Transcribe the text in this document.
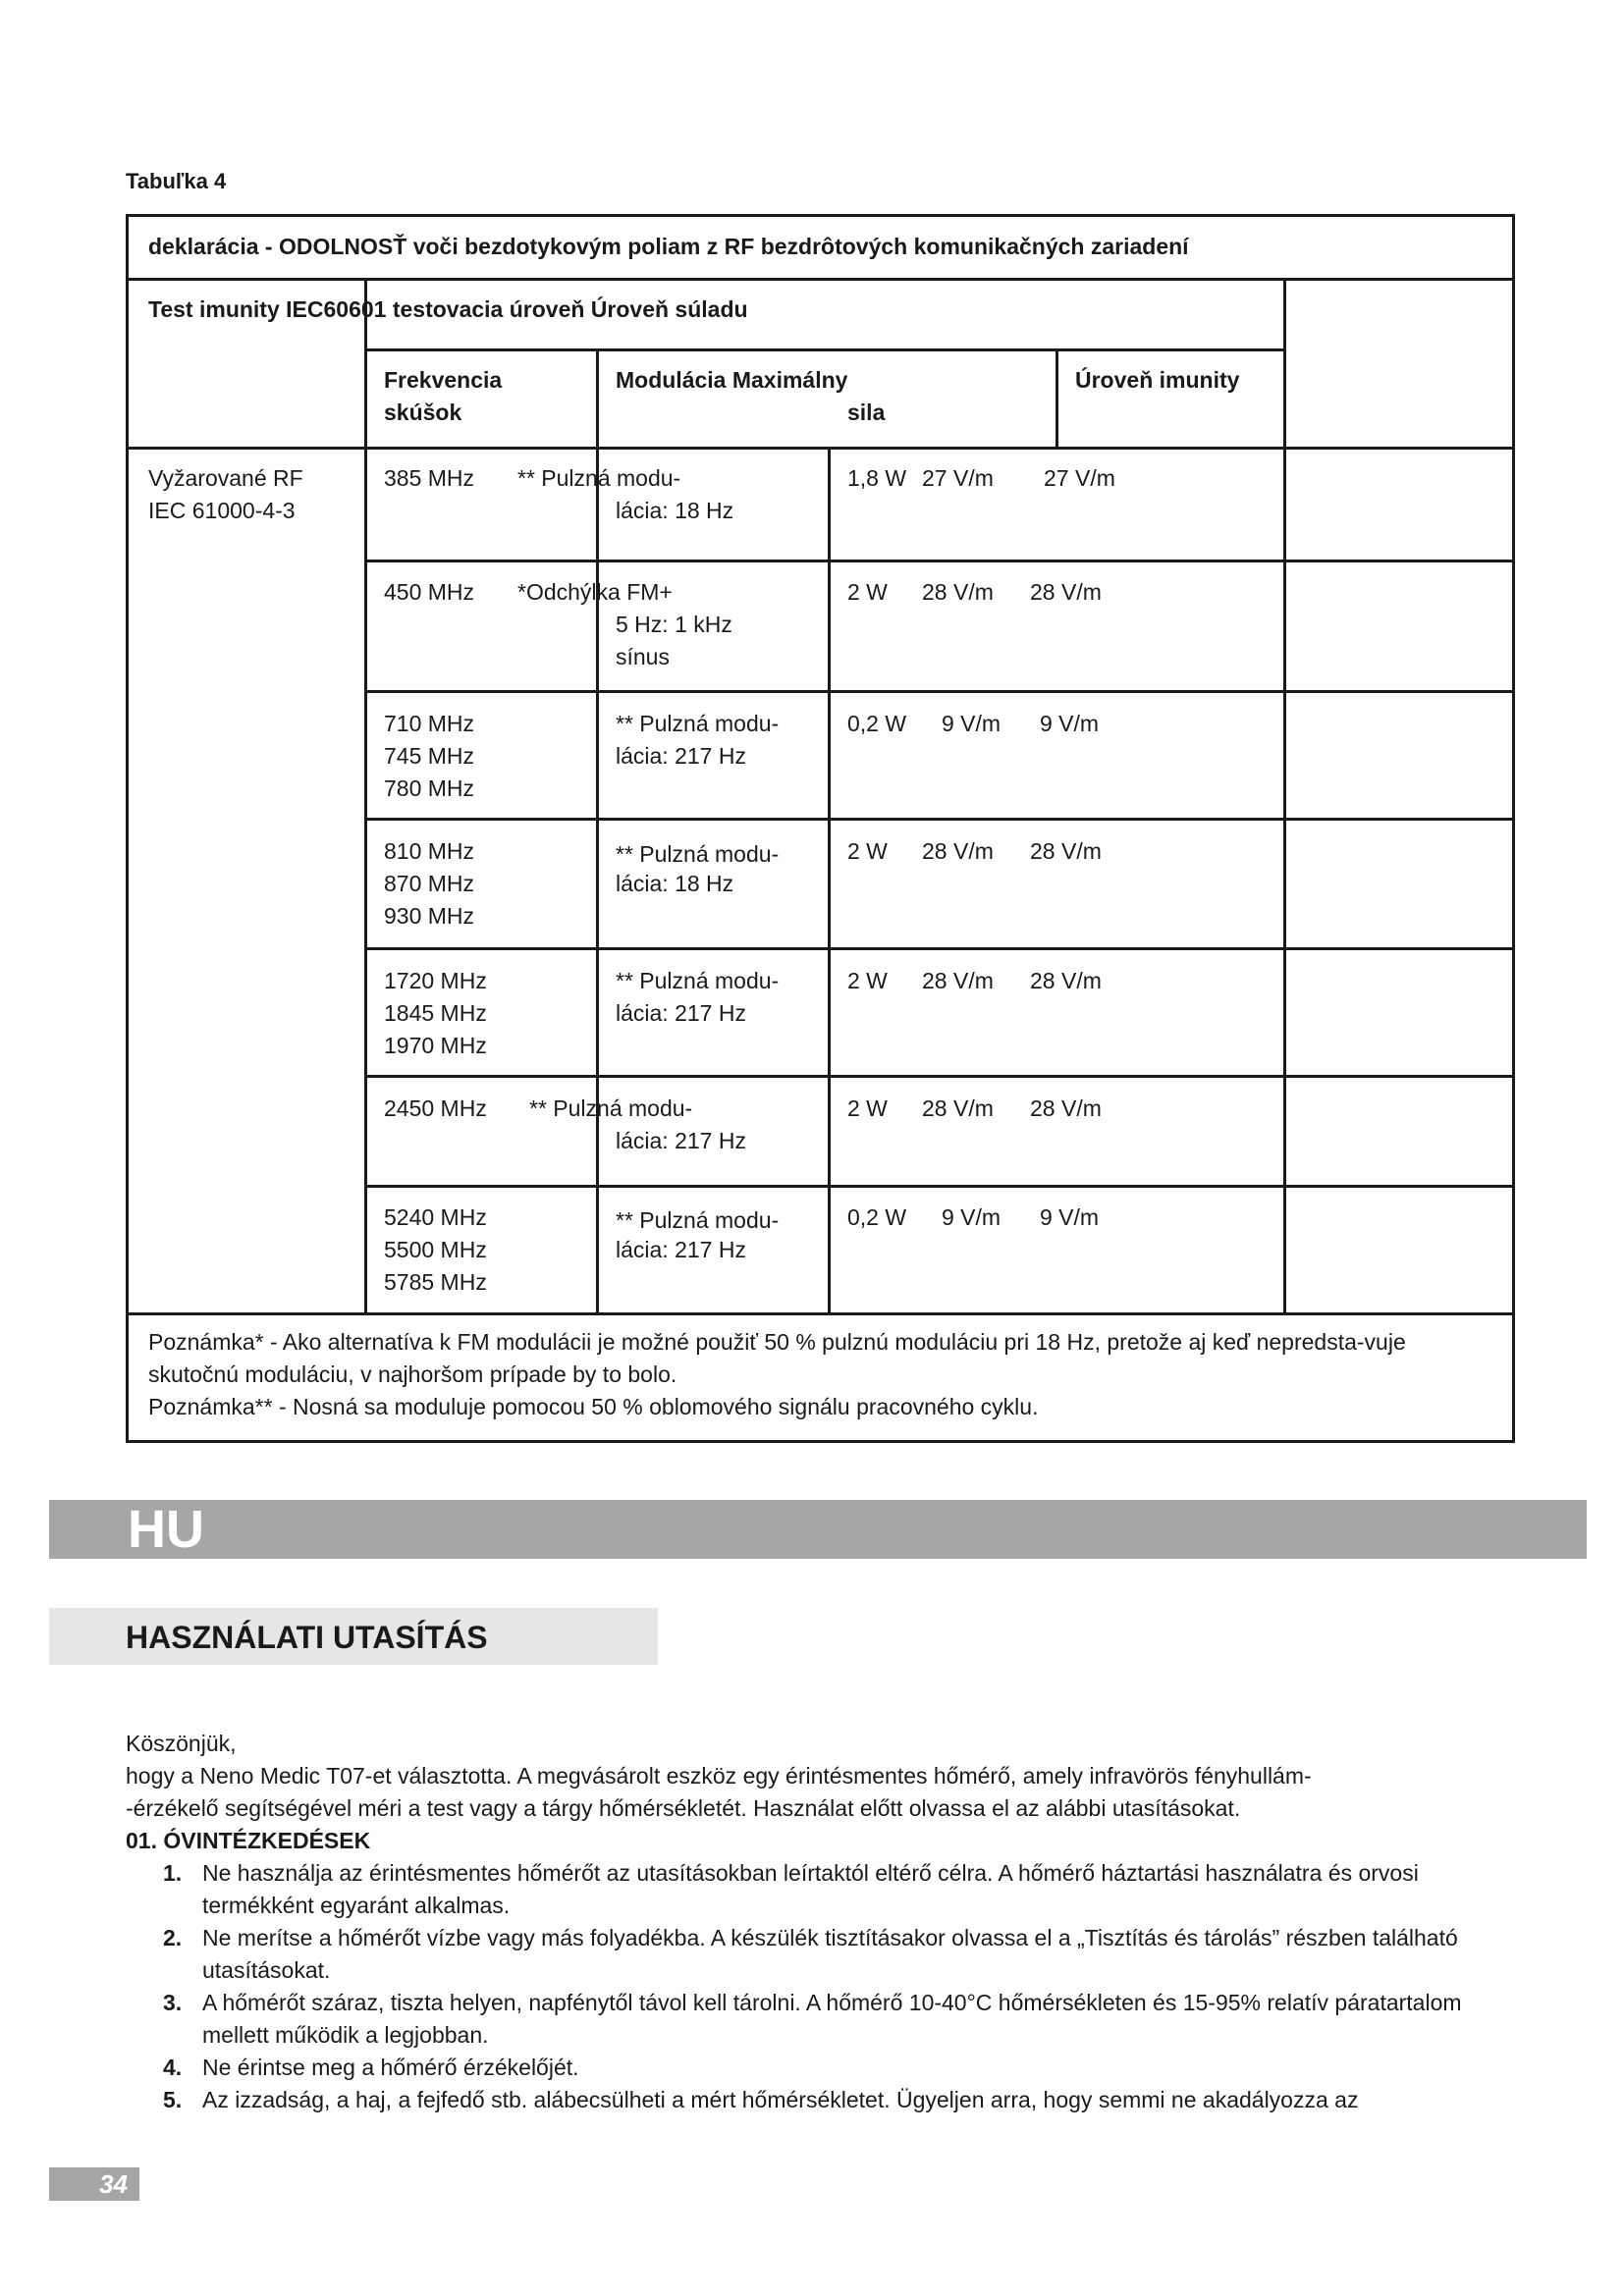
Tabuľka 4
deklarácia - ODOLNOSŤ voči bezdotykovým poliam z RF bezdrôtových komunikačných zariadení
Test imunity IEC60601 testovacia úroveň Úroveň súladu
Frekvencia
skúšok
Modulácia Maximálny
sila
Úroveň imunity
Vyžarované RF
IEC 61000-4-3
385 MHz ** Pulzná modu-
lácia: 18 Hz
1,8 W 27 V/m 27 V/m
450 MHz *Odchýlka FM+
5 Hz: 1 kHz
sínus
2 W 28 V/m 28 V/m
710 MHz
745 MHz
780 MHz
** Pulzná modu-
lácia: 217 Hz
0,2 W 9 V/m 9 V/m
810 MHz
870 MHz
930 MHz
** Pulzná modu-
lácia: 18 Hz
2 W 28 V/m 28 V/m
1720 MHz
1845 MHz
1970 MHz
** Pulzná modu-
lácia: 217 Hz
2 W 28 V/m 28 V/m
2450 MHz ** Pulzná modu-
lácia: 217 Hz
2 W 28 V/m 28 V/m
5240 MHz
5500 MHz
5785 MHz
** Pulzná modu-
lácia: 217 Hz
0,2 W 9 V/m 9 V/m
Poznámka* - Ako alternatíva k FM modulácii je možné použiť 50 % pulznú moduláciu pri 18 Hz, pretože aj keď nepredsta-vuje skutočnú moduláciu, v najhoršom prípade by to bolo.
Poznámka** - Nosná sa moduluje pomocou 50 % oblomového signálu pracovného cyklu.
HU
HASZNÁLATI UTASÍTÁS

Köszönjük,

hogy a Neno Medic T07-et választotta. A megvásárolt eszköz egy érintésmentes hőmérő, amely infravörös fényhullám-

-érzékelő segítségével méri a test vagy a tárgy hőmérsékletét. Használat előtt olvassa el az alábbi utasításokat.

01. ÓVINTÉZKEDÉSEK

1. Ne használja az érintésmentes hőmérőt az utasításokban leírtaktól eltérő célra. A hőmérő háztartási használatra és orvosi termékként egyaránt alkalmas.
2. Ne merítse a hőmérőt vízbe vagy más folyadékba. A készülék tisztításakor olvassa el a „Tisztítás és tárolás” részben található utasításokat.
3. A hőmérőt száraz, tiszta helyen, napfénytől távol kell tárolni. A hőmérő 10-40°C hőmérsékleten és 15-95% relatív páratartalom mellett működik a legjobban.
4. Ne érintse meg a hőmérő érzékelőjét.
5. Az izzadság, a haj, a fejfedő stb. alábecsülheti a mért hőmérsékletet. Ügyeljen arra, hogy semmi ne akadályozza az
34
